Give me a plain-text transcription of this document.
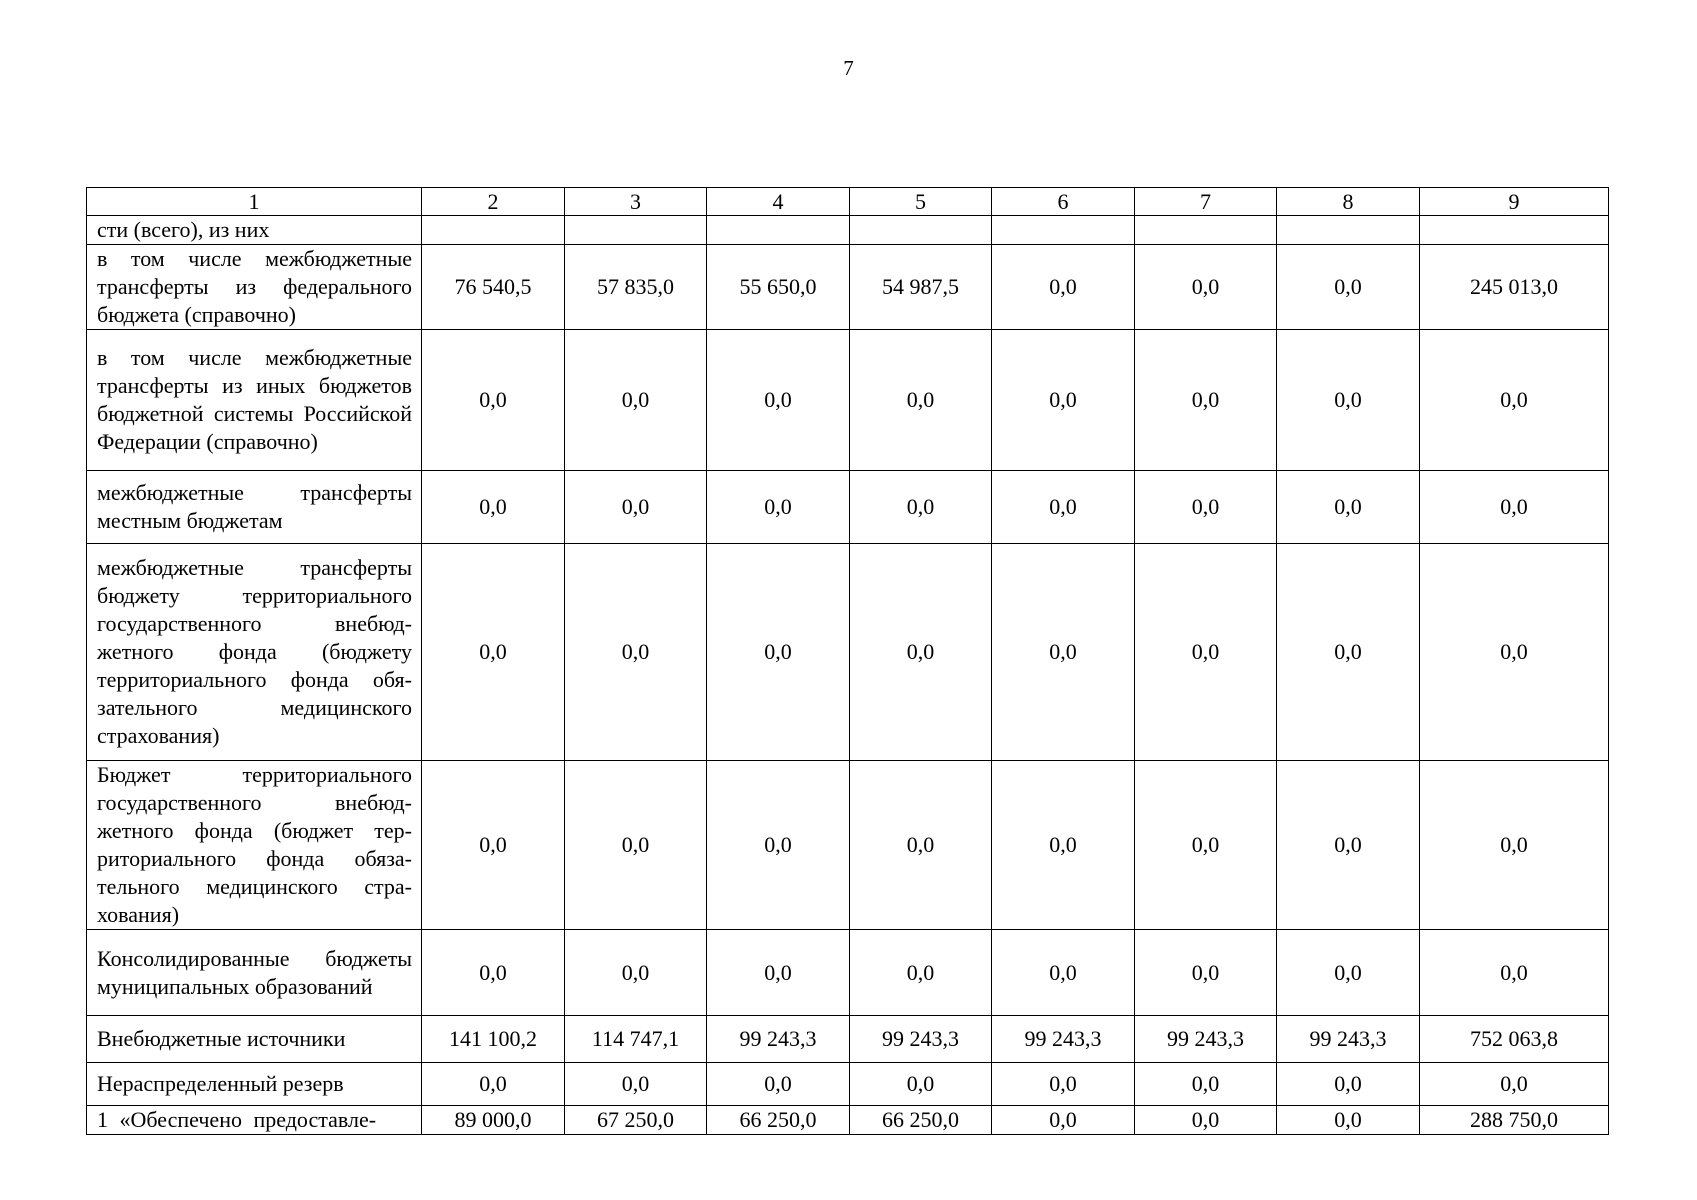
7
1	2	3	4	5	6	7	8	9
сти (всего), из них								
в том числе межбюджетные трансферты из федерального бюджета (справочно)	76 540,5	57 835,0	55 650,0	54 987,5	0,0	0,0	0,0	245 013,0
в том числе межбюджетные трансферты из иных бюджетов бюджетной системы Российской Федерации (справочно)	0,0	0,0	0,0	0,0	0,0	0,0	0,0	0,0
межбюджетные трансферты местным бюджетам	0,0	0,0	0,0	0,0	0,0	0,0	0,0	0,0
межбюджетные трансферты бюджету территориального государственного внебюджетного фонда (бюджету территориального фонда обязательного медицинского страхования)	0,0	0,0	0,0	0,0	0,0	0,0	0,0	0,0
Бюджет территориального государственного внебюджетного фонда (бюджет территориального фонда обязательного медицинского страхования)	0,0	0,0	0,0	0,0	0,0	0,0	0,0	0,0
Консолидированные бюджеты муниципальных образований	0,0	0,0	0,0	0,0	0,0	0,0	0,0	0,0
Внебюджетные источники	141 100,2	114 747,1	99 243,3	99 243,3	99 243,3	99 243,3	99 243,3	752 063,8
Нераспределенный резерв	0,0	0,0	0,0	0,0	0,0	0,0	0,0	0,0
1 «Обеспечено предоставле-	89 000,0	67 250,0	66 250,0	66 250,0	0,0	0,0	0,0	288 750,0
